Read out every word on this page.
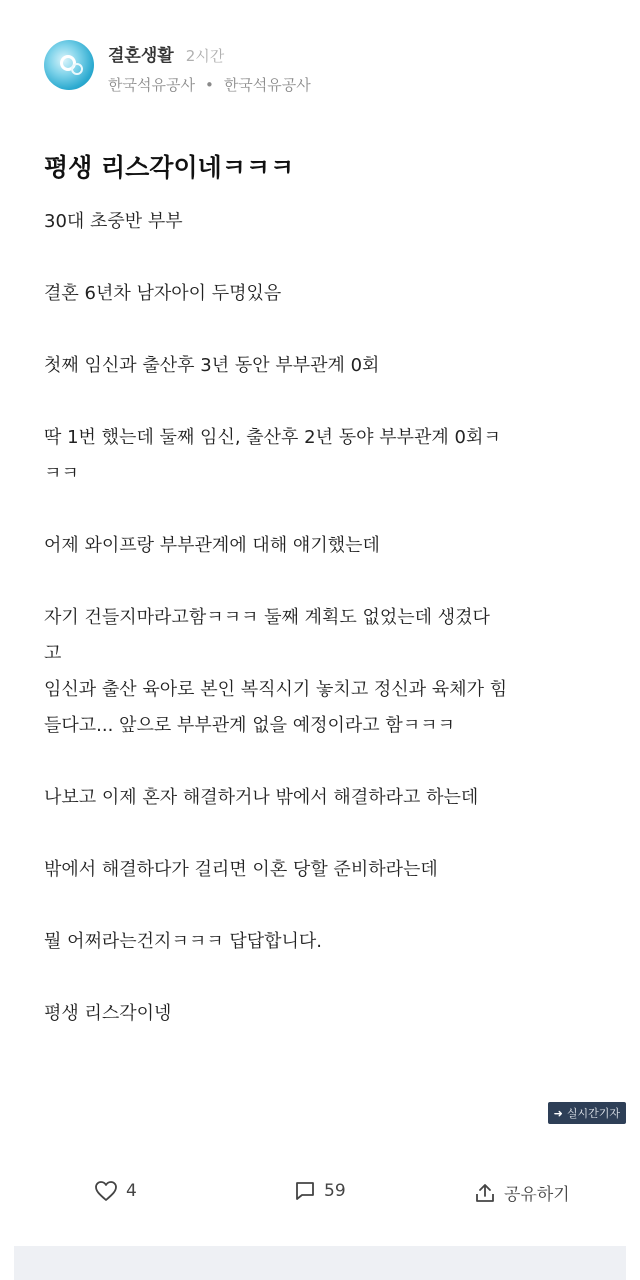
결혼생활 2시간
한국석유공사 • 한국석유공사
평생 리스각이네ㅋㅋㅋ

30대 초중반 부부

결혼 6년차 남자아이 두명있음

첫째 임신과 출산후 3년 동안 부부관계 0회

딱 1번 했는데 둘째 임신, 출산후 2년 동야 부부관계 0회ㅋ

ㅋㅋ

어제 와이프랑 부부관계에 대해 얘기했는데

자기 건들지마라고함ㅋㅋㅋ 둘째 계획도 없었는데 생겼다

고

임신과 출산 육아로 본인 복직시기 놓치고 정신과 육체가 힘

들다고... 앞으로 부부관계 없을 예정이라고 함ㅋㅋㅋ

나보고 이제 혼자 해결하거나 밖에서 해결하라고 하는데

밖에서 해결하다가 걸리면 이혼 당할 준비하라는데

뭘 어쩌라는건지ㅋㅋㅋ 답답합니다.

평생 리스각이넹

➜ 실시간기자
4	59	공유하기
